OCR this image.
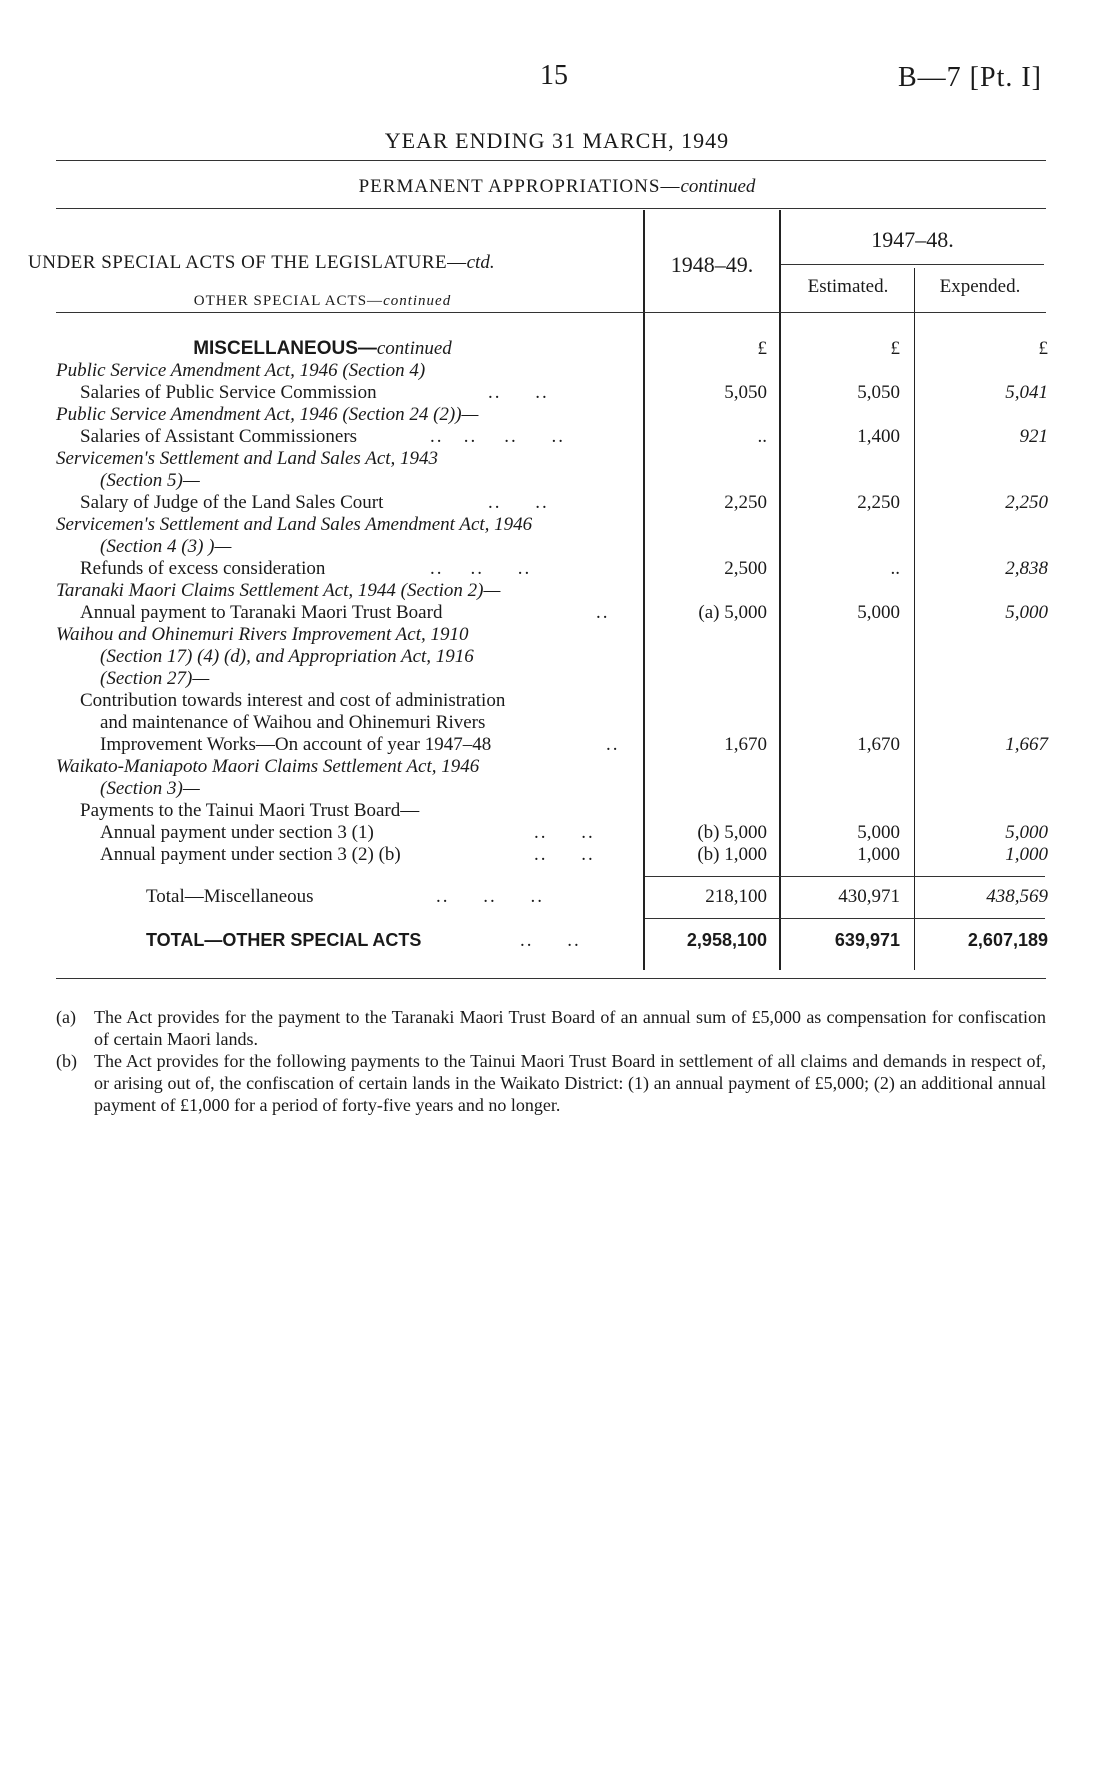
15	B—7 [Pt. I]
YEAR ENDING 31 MARCH, 1949
PERMANENT APPROPRIATIONS—continued
UNDER SPECIAL ACTS OF THE LEGISLATURE—ctd.
OTHER SPECIAL ACTS—continued
1948–49.
1947–48.
Estimated.	Expended.
MISCELLANEOUS—continued	£	£	£
Public Service Amendment Act, 1946 (Section 4)
Salaries of Public Service Commission	..     ..	5,050	5,050	5,041
Public Service Amendment Act, 1946 (Section 24 (2))—
Salaries of Assistant Commissioners	..   ..    ..     ..	..	1,400	921
Servicemen's Settlement and Land Sales Act, 1943
(Section 5)—
Salary of Judge of the Land Sales Court	..     ..	2,250	2,250	2,250
Servicemen's Settlement and Land Sales Amendment Act, 1946
(Section 4 (3) )—
Refunds of excess consideration	..    ..     ..	2,500	..	2,838
Taranaki Maori Claims Settlement Act, 1944 (Section 2)—
Annual payment to Taranaki Maori Trust Board	..	(a) 5,000	5,000	5,000
Waihou and Ohinemuri Rivers Improvement Act, 1910
(Section 17) (4) (d), and Appropriation Act, 1916
(Section 27)—
Contribution towards interest and cost of administration
and maintenance of Waihou and Ohinemuri Rivers
Improvement Works—On account of year 1947–48	..	1,670	1,670	1,667
Waikato-Maniapoto Maori Claims Settlement Act, 1946
(Section 3)—
Payments to the Tainui Maori Trust Board—
Annual payment under section 3 (1)	..     ..	(b) 5,000	5,000	5,000
Annual payment under section 3 (2) (b)	..     ..	(b) 1,000	1,000	1,000
Total—Miscellaneous	..     ..     ..	218,100	430,971	438,569
TOTAL—OTHER SPECIAL ACTS	..     ..	2,958,100	639,971	2,607,189
(a) The Act provides for the payment to the Taranaki Maori Trust Board of an annual sum of £5,000 as compensation for confiscation of certain Maori lands.
(b) The Act provides for the following payments to the Tainui Maori Trust Board in settlement of all claims and demands in respect of, or arising out of, the confiscation of certain lands in the Waikato District: (1) an annual payment of £5,000; (2) an additional annual payment of £1,000 for a period of forty-five years and no longer.
